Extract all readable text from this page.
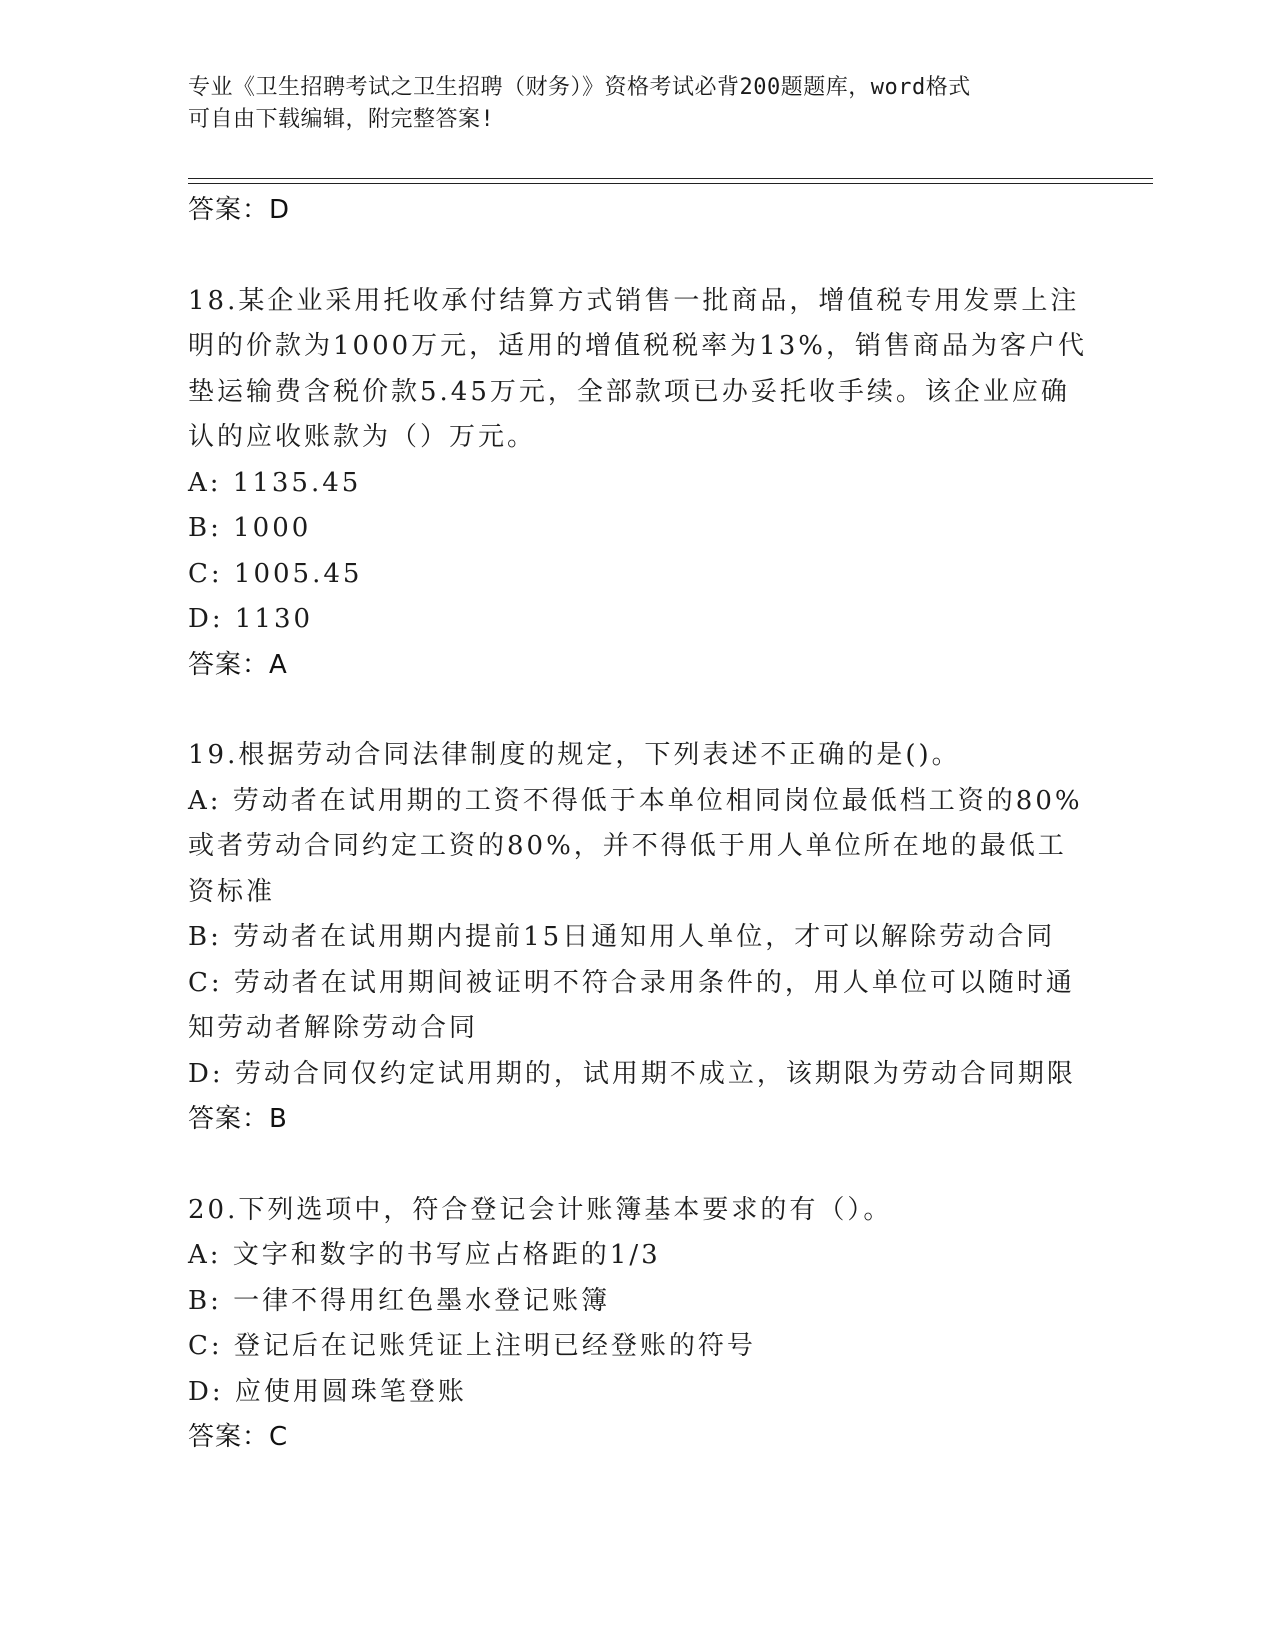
专业《卫生招聘考试之卫生招聘（财务）》资格考试必背200题题库，word格式
可自由下载编辑，附完整答案!
答案：D
18.某企业采用托收承付结算方式销售一批商品，增值税专用发票上注
明的价款为1000万元，适用的增值税税率为13%，销售商品为客户代
垫运输费含税价款5.45万元，全部款项已办妥托收手续。该企业应确
认的应收账款为（）万元。
A: 1135.45
B: 1000
C: 1005.45
D: 1130
答案：A
19.根据劳动合同法律制度的规定，下列表述不正确的是()。
A: 劳动者在试用期的工资不得低于本单位相同岗位最低档工资的80%
或者劳动合同约定工资的80%，并不得低于用人单位所在地的最低工
资标准
B: 劳动者在试用期内提前15日通知用人单位，才可以解除劳动合同
C: 劳动者在试用期间被证明不符合录用条件的，用人单位可以随时通
知劳动者解除劳动合同
D: 劳动合同仅约定试用期的，试用期不成立，该期限为劳动合同期限
答案：B
20.下列选项中，符合登记会计账簿基本要求的有（）。
A: 文字和数字的书写应占格距的1/3
B: 一律不得用红色墨水登记账簿
C: 登记后在记账凭证上注明已经登账的符号
D: 应使用圆珠笔登账
答案：C
